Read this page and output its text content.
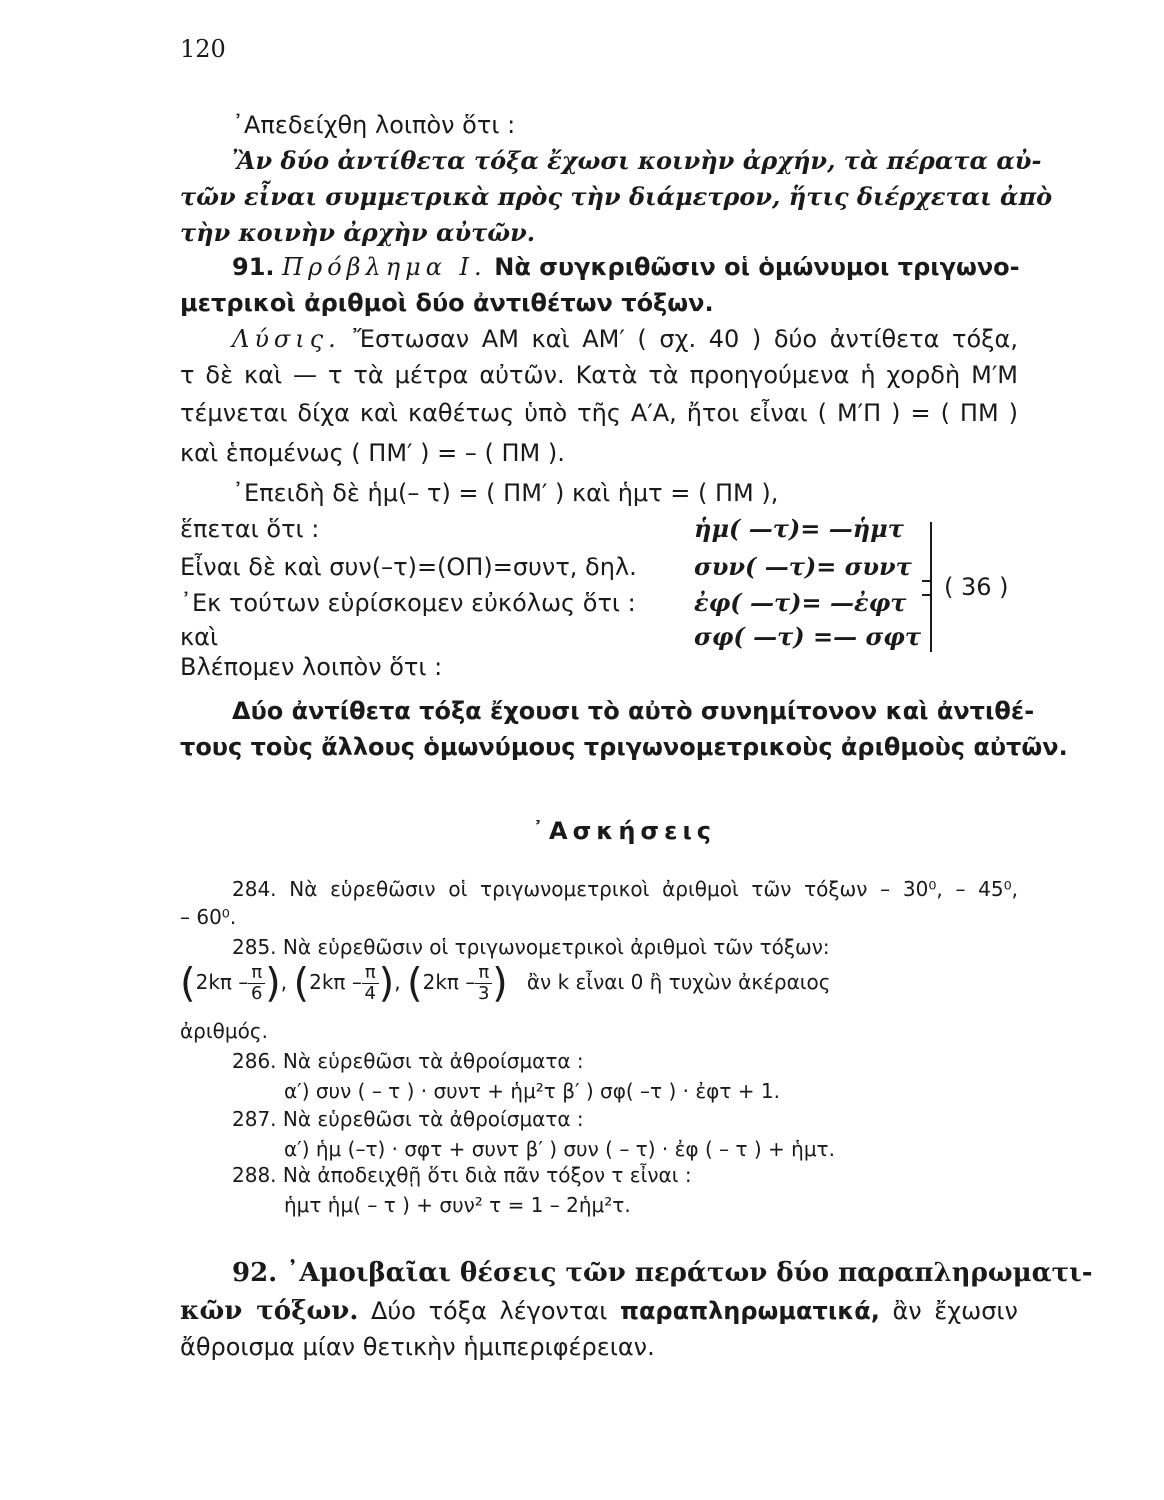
120
᾿Απεδείχθη λοιπὸν ὅτι :
Ἂν δύο ἀντίθετα τόξα ἔχωσι κοινὴν ἀρχήν, τὰ πέρατα αὐ-
τῶν εἶναι συμμετρικὰ πρὸς τὴν διάμετρον, ἥτις διέρχεται ἀπὸ
τὴν κοινὴν ἀρχὴν αὐτῶν.
91. Πρόβλημα Ι. Νὰ συγκριθῶσιν οἱ ὁμώνυμοι τριγωνο-
μετρικοὶ ἀριθμοὶ δύο ἀντιθέτων τόξων.
Λύσις. Ἔστωσαν ΑΜ καὶ ΑΜ′ ( σχ. 40 ) δύο ἀντίθετα τόξα,
τ δὲ καὶ — τ τὰ μέτρα αὐτῶν. Κατὰ τὰ προηγούμενα ἡ χορδὴ Μ′Μ
τέμνεται δίχα καὶ καθέτως ὑπὸ τῆς Α′Α, ἤτοι εἶναι ( Μ′Π ) = ( ΠΜ )
καὶ ἑπομένως ( ΠΜ′ ) = – ( ΠΜ ).
᾿Επειδὴ δὲ ἡμ(– τ) = ( ΠΜ′ ) καὶ ἡμτ = ( ΠΜ ),
ἕπεται ὅτι :
Εἶναι δὲ καὶ συν(–τ)=(ΟΠ)=συντ, δηλ.
᾿Εκ τούτων εὑρίσκομεν εὐκόλως ὅτι :
καὶ
ἡμ( —τ)= —ἡμτ
συν( —τ)= συντ
ἐφ( —τ)= —ἐφτ
σφ( —τ) =— σφτ
( 36 )
Βλέπομεν λοιπὸν ὅτι :
Δύο ἀντίθετα τόξα ἔχουσι τὸ αὐτὸ συνημίτονον καὶ ἀντιθέ-
τους τοὺς ἄλλους ὁμωνύμους τριγωνομετρικοὺς ἀριθμοὺς αὐτῶν.
᾿Ασκήσεις
284. Νὰ εὑρεθῶσιν οἱ τριγωνομετρικοὶ ἀριθμοὶ τῶν τόξων – 30⁰, – 45⁰,
– 60⁰.
285. Νὰ εὑρεθῶσιν οἱ τριγωνομετρικοὶ ἀριθμοὶ τῶν τόξων:
($2k\pi - \frac{\pi}{6}$ ), ($2k\pi - \frac{\pi}{4}$ ), ($2k\pi - \frac{\pi}{3}$ ) ἂν k εἶναι 0 ἢ τυχὼν ἀκέραιος
ἀριθμός.
286. Νὰ εὑρεθῶσι τὰ ἀθροίσματα :
α′) συν ( – τ ) · συντ + ἡμ²τ β′ ) σφ( –τ ) · ἐφτ + 1.
287. Νὰ εὑρεθῶσι τὰ ἀθροίσματα :
α′) ἡμ (–τ) · σφτ + συντ β′ ) συν ( – τ) · ἐφ ( – τ ) + ἡμτ.
288. Νὰ ἀποδειχθῇ ὅτι διὰ πᾶν τόξον τ εἶναι :
ἡμτ ἡμ( – τ ) + συν² τ = 1 – 2ἡμ²τ.
92. ᾿Αμοιβαῖαι θέσεις τῶν περάτων δύο παραπληρωματι-
κῶν τόξων. Δύο τόξα λέγονται παραπληρωματικά, ἂν ἔχωσιν
ἄθροισμα μίαν θετικὴν ἡμιπεριφέρειαν.
